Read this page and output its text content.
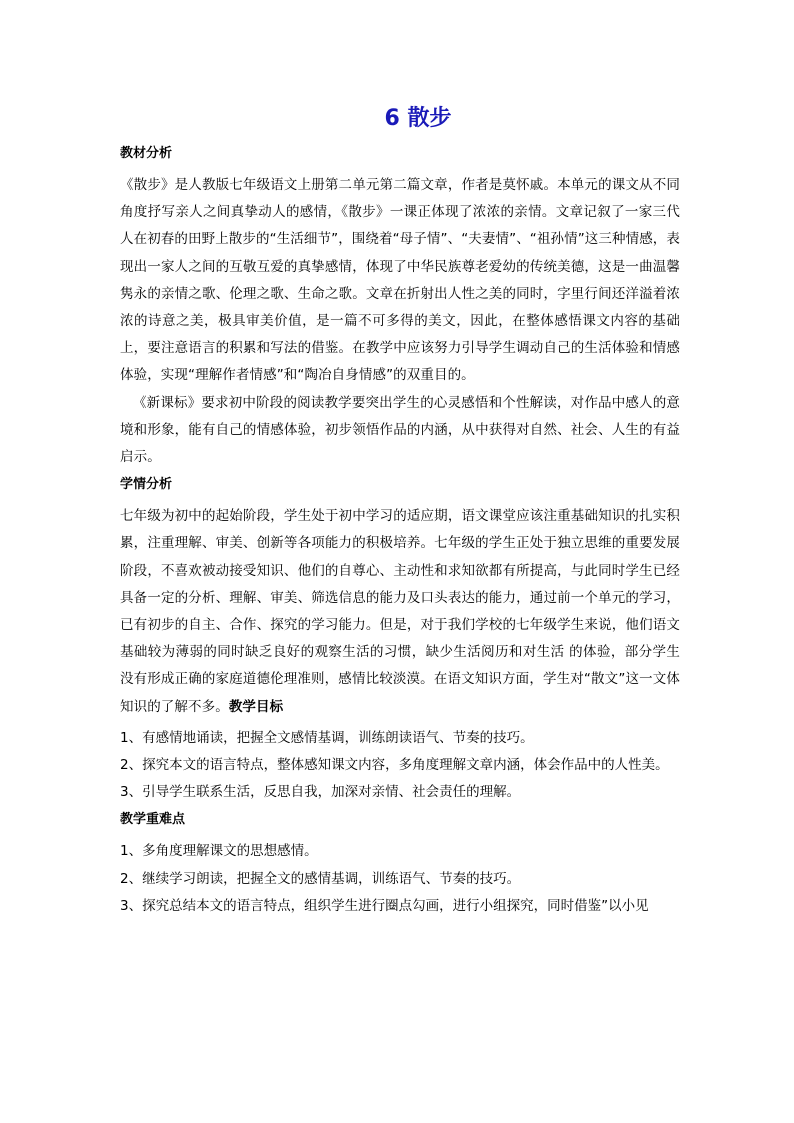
6 散步
教材分析

《散步》是人教版七年级语文上册第二单元第二篇文章，作者是莫怀戚。本单元的课文从不同角度抒写亲人之间真挚动人的感情，《散步》一课正体现了浓浓的亲情。文章记叙了一家三代人在初春的田野上散步的“生活细节”，围绕着“母子情”、“夫妻情”、“祖孙情”这三种情感，表现出一家人之间的互敬互爱的真挚感情，体现了中华民族尊老爱幼的传统美德，这是一曲温馨隽永的亲情之歌、伦理之歌、生命之歌。文章在折射出人性之美的同时，字里行间还洋溢着浓浓的诗意之美，极具审美价值，是一篇不可多得的美文，因此，在整体感悟课文内容的基础上，要注意语言的积累和写法的借鉴。在教学中应该努力引导学生调动自己的生活体验和情感体验，实现“理解作者情感”和“陶冶自身情感”的双重目的。

《新课标》要求初中阶段的阅读教学要突出学生的心灵感悟和个性解读，对作品中感人的意境和形象，能有自己的情感体验，初步领悟作品的内涵，从中获得对自然、社会、人生的有益启示。

学情分析

七年级为初中的起始阶段，学生处于初中学习的适应期，语文课堂应该注重基础知识的扎实积累，注重理解、审美、创新等各项能力的积极培养。七年级的学生正处于独立思维的重要发展阶段，不喜欢被动接受知识、他们的自尊心、主动性和求知欲都有所提高，与此同时学生已经具备一定的分析、理解、审美、筛选信息的能力及口头表达的能力，通过前一个单元的学习，已有初步的自主、合作、探究的学习能力。但是，对于我们学校的七年级学生来说，他们语文基础较为薄弱的同时缺乏良好的观察生活的习惯，缺少生活阅历和对生活 的体验，部分学生没有形成正确的家庭道德伦理准则，感情比较淡漠。在语文知识方面，学生对“散文”这一文体知识的了解不多。教学目标

1、有感情地诵读，把握全文感情基调，训练朗读语气、节奏的技巧。

2、探究本文的语言特点，整体感知课文内容，多角度理解文章内涵，体会作品中的人性美。

3、引导学生联系生活，反思自我，加深对亲情、社会责任的理解。

教学重难点

1、多角度理解课文的思想感情。

2、继续学习朗读，把握全文的感情基调，训练语气、节奏的技巧。

3、探究总结本文的语言特点，组织学生进行圈点勾画，进行小组探究，同时借鉴”以小见
